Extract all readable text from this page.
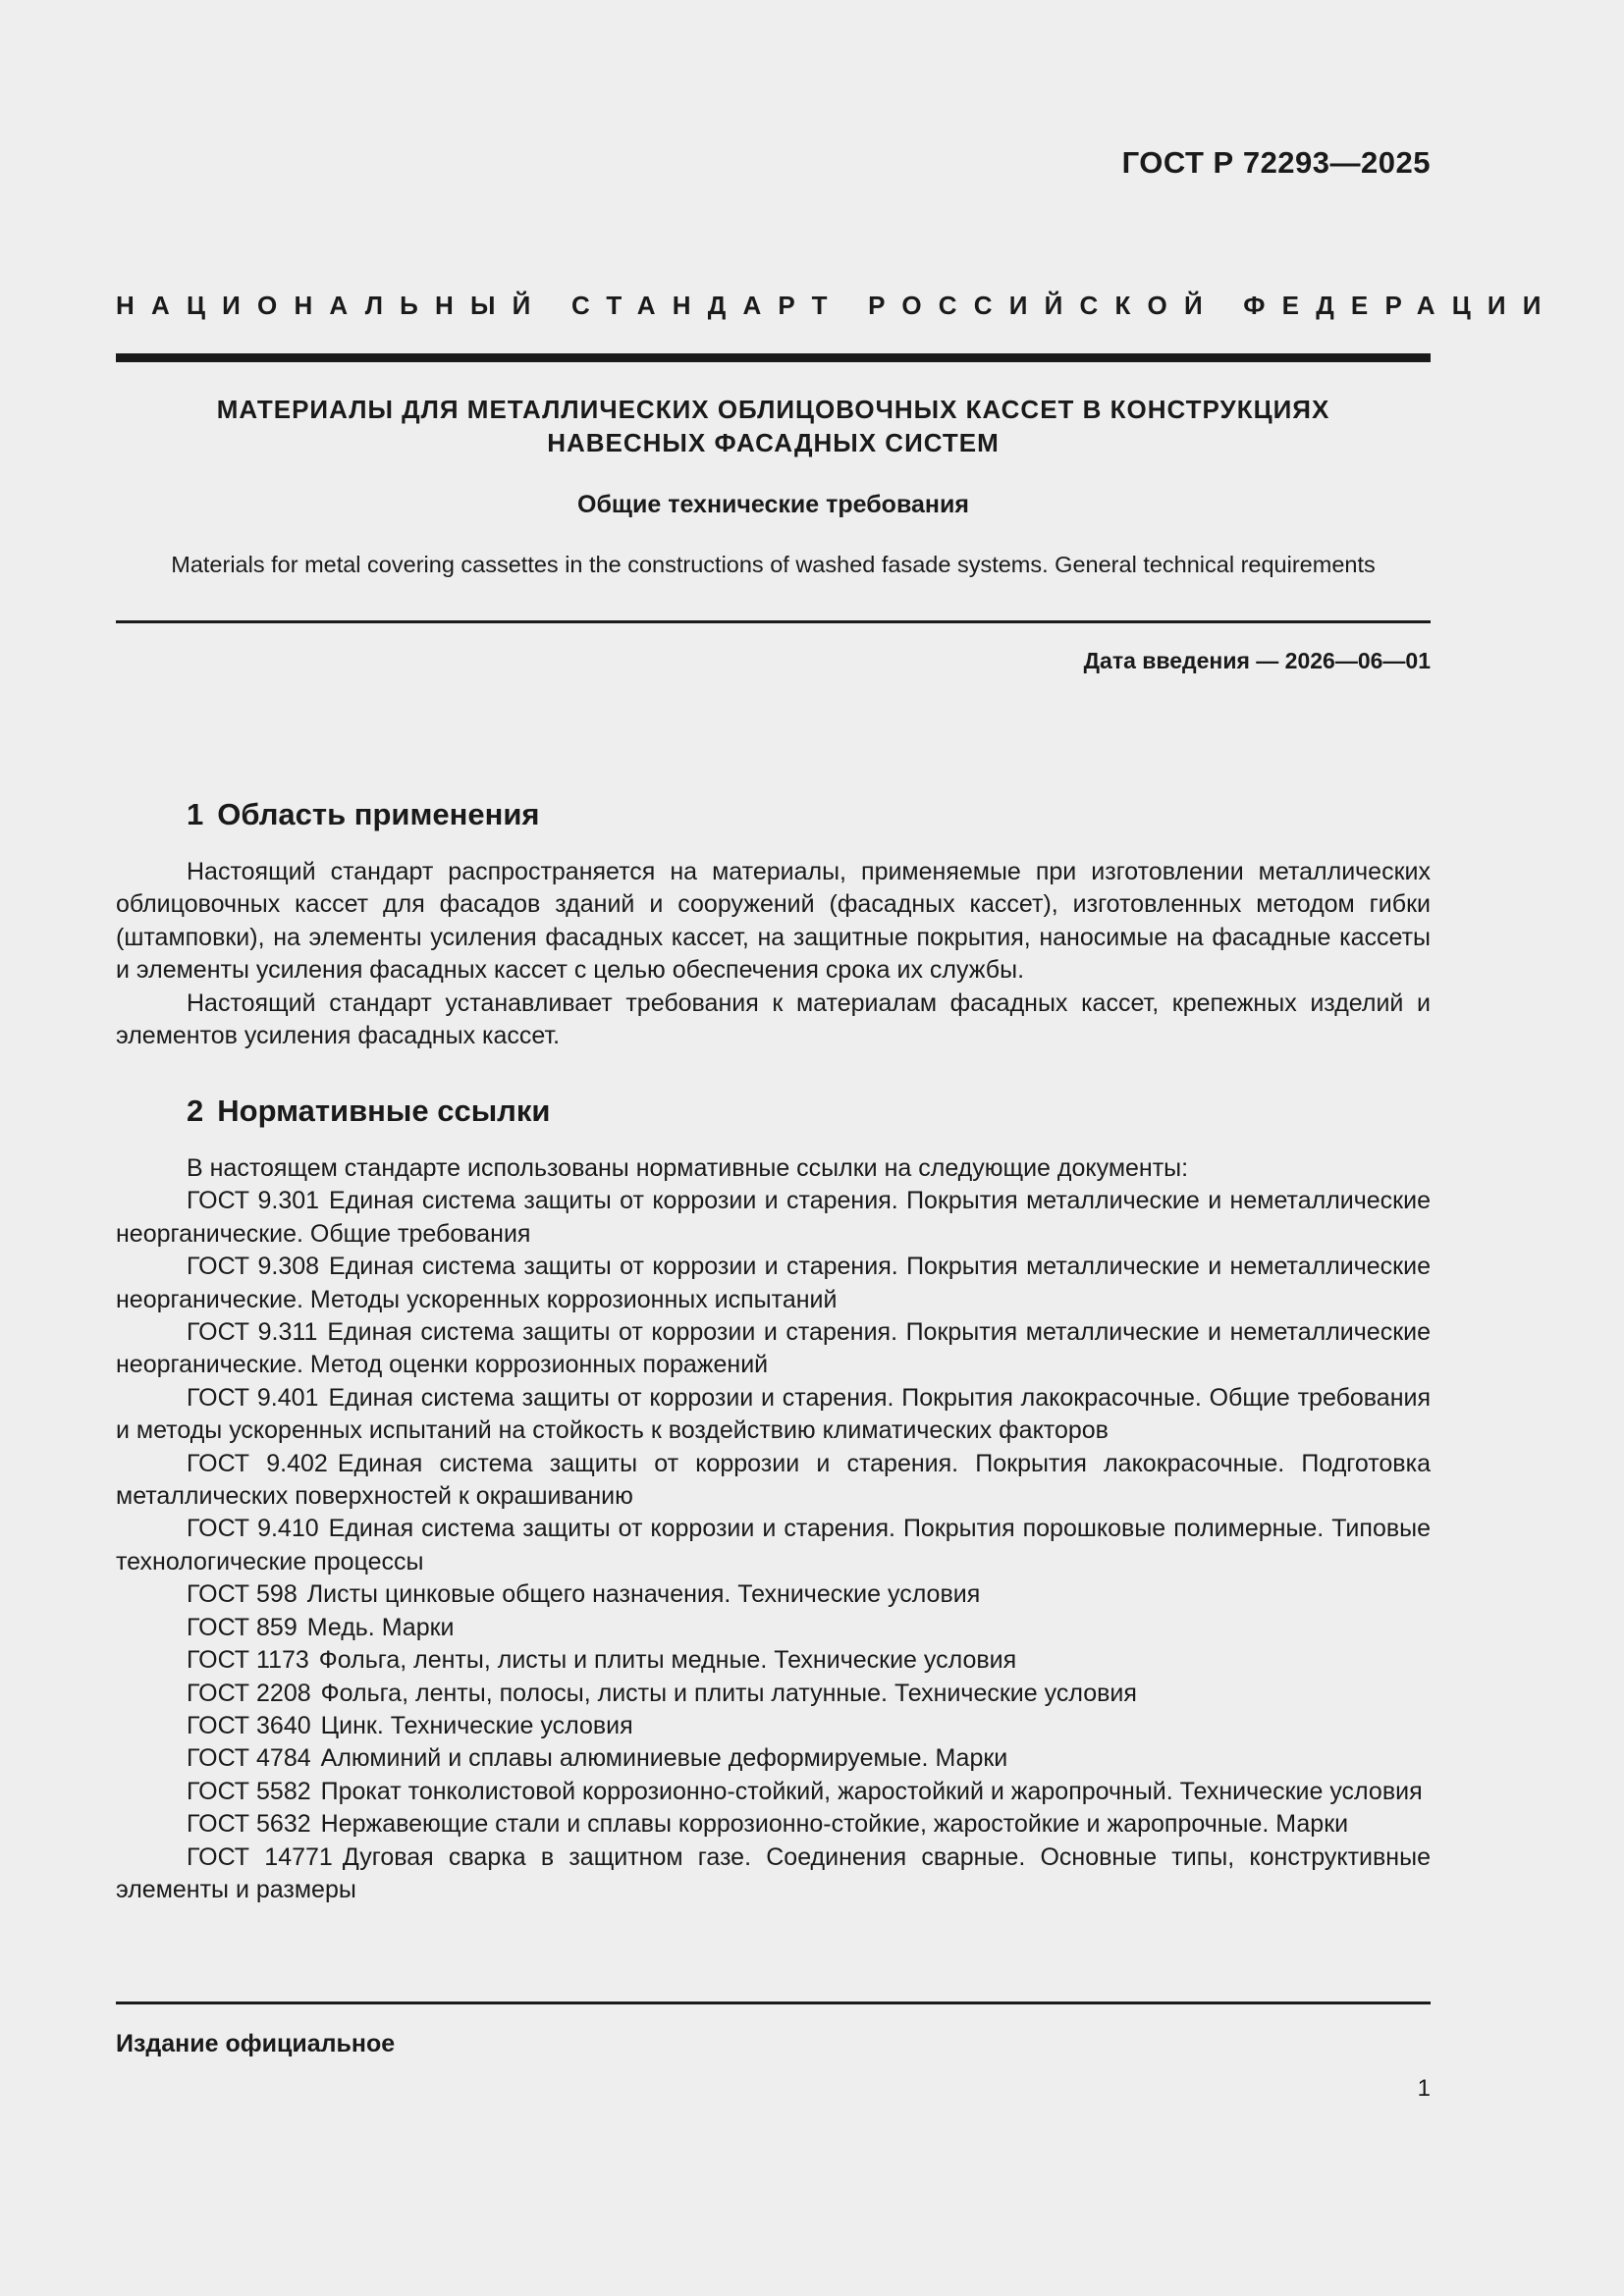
ГОСТ Р 72293—2025
НАЦИОНАЛЬНЫЙ СТАНДАРТ РОССИЙСКОЙ ФЕДЕРАЦИИ
МАТЕРИАЛЫ ДЛЯ МЕТАЛЛИЧЕСКИХ ОБЛИЦОВОЧНЫХ КАССЕТ В КОНСТРУКЦИЯХ
НАВЕСНЫХ ФАСАДНЫХ СИСТЕМ
Общие технические требования
Materials for metal covering cassettes in the constructions of washed fasade systems. General technical requirements
Дата введения — 2026—06—01
1 Область применения

Настоящий стандарт распространяется на материалы, применяемые при изготовлении металлических облицовочных кассет для фасадов зданий и сооружений (фасадных кассет), изготовленных методом гибки (штамповки), на элементы усиления фасадных кассет, на защитные покрытия, наносимые на фасадные кассеты и элементы усиления фасадных кассет с целью обеспечения срока их службы.

Настоящий стандарт устанавливает требования к материалам фасадных кассет, крепежных изделий и элементов усиления фасадных кассет.

2 Нормативные ссылки

В настоящем стандарте использованы нормативные ссылки на следующие документы:

ГОСТ 9.301 Единая система защиты от коррозии и старения. Покрытия металлические и неметаллические неорганические. Общие требования

ГОСТ 9.308 Единая система защиты от коррозии и старения. Покрытия металлические и неметаллические неорганические. Методы ускоренных коррозионных испытаний

ГОСТ 9.311 Единая система защиты от коррозии и старения. Покрытия металлические и неметаллические неорганические. Метод оценки коррозионных поражений

ГОСТ 9.401 Единая система защиты от коррозии и старения. Покрытия лакокрасочные. Общие требования и методы ускоренных испытаний на стойкость к воздействию климатических факторов

ГОСТ 9.402 Единая система защиты от коррозии и старения. Покрытия лакокрасочные. Подготовка металлических поверхностей к окрашиванию

ГОСТ 9.410 Единая система защиты от коррозии и старения. Покрытия порошковые полимерные. Типовые технологические процессы

ГОСТ 598 Листы цинковые общего назначения. Технические условия

ГОСТ 859 Медь. Марки

ГОСТ 1173 Фольга, ленты, листы и плиты медные. Технические условия

ГОСТ 2208 Фольга, ленты, полосы, листы и плиты латунные. Технические условия

ГОСТ 3640 Цинк. Технические условия

ГОСТ 4784 Алюминий и сплавы алюминиевые деформируемые. Марки

ГОСТ 5582 Прокат тонколистовой коррозионно-стойкий, жаростойкий и жаропрочный. Технические условия

ГОСТ 5632 Нержавеющие стали и сплавы коррозионно-стойкие, жаростойкие и жаропрочные. Марки

ГОСТ 14771 Дуговая сварка в защитном газе. Соединения сварные. Основные типы, конструктивные элементы и размеры

Издание официальное
1
